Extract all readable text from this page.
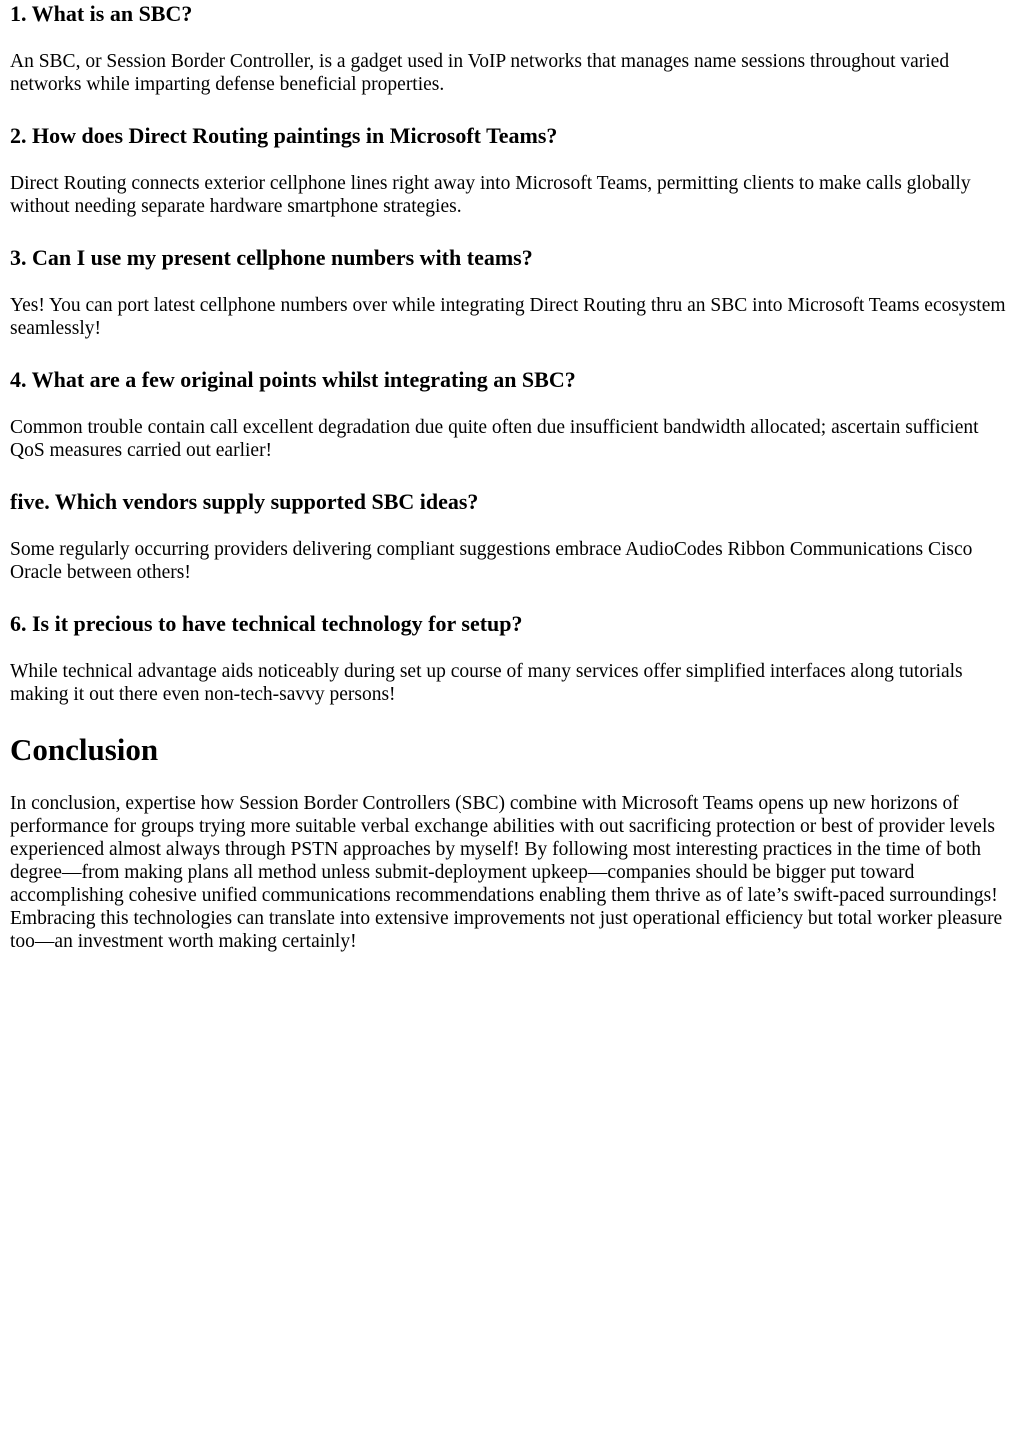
1. What is an SBC?

An SBC, or Session Border Controller, is a gadget used in VoIP networks that manages name sessions throughout varied networks while imparting defense beneficial properties.

2. How does Direct Routing paintings in Microsoft Teams?

Direct Routing connects exterior cellphone lines right away into Microsoft Teams, permitting clients to make calls globally without needing separate hardware smartphone strategies.

3. Can I use my present cellphone numbers with teams?

Yes! You can port latest cellphone numbers over while integrating Direct Routing thru an SBC into Microsoft Teams ecosystem seamlessly!

4. What are a few original points whilst integrating an SBC?

Common trouble contain call excellent degradation due quite often due insufficient bandwidth allocated; ascertain sufficient QoS measures carried out earlier!

five. Which vendors supply supported SBC ideas?

Some regularly occurring providers delivering compliant suggestions embrace AudioCodes Ribbon Communications Cisco Oracle between others!

6. Is it precious to have technical technology for setup?

While technical advantage aids noticeably during set up course of many services offer simplified interfaces along tutorials making it out there even non-tech-savvy persons!

Conclusion

In conclusion, expertise how Session Border Controllers (SBC) combine with Microsoft Teams opens up new horizons of performance for groups trying more suitable verbal exchange abilities with out sacrificing protection or best of provider levels experienced almost always through PSTN approaches by myself! By following most interesting practices in the time of both degree—from making plans all method unless submit-deployment upkeep—companies should be bigger put toward accomplishing cohesive unified communications recommendations enabling them thrive as of late’s swift-paced surroundings! Embracing this technologies can translate into extensive improvements not just operational efficiency but total worker pleasure too—an investment worth making certainly!
